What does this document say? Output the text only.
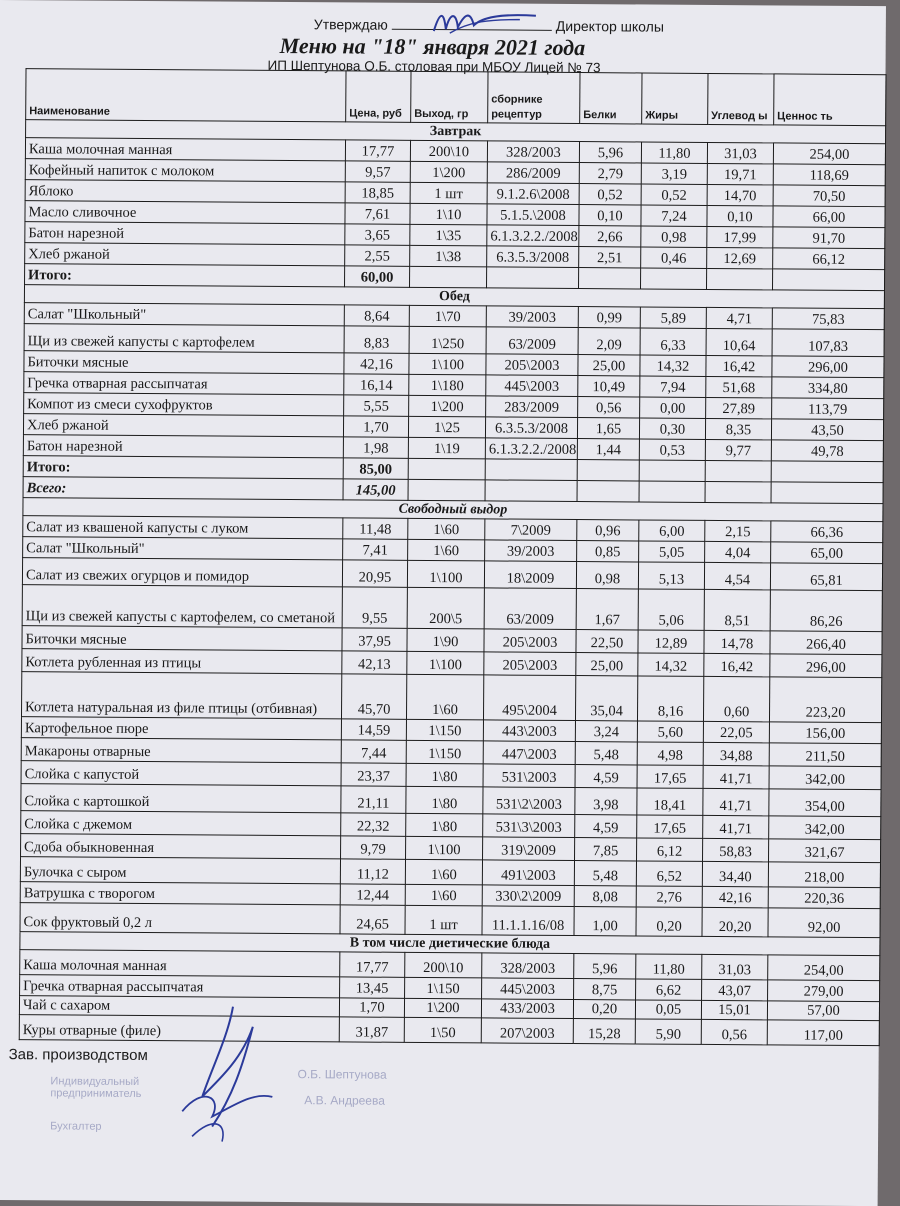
Утверждаю	Директор школы
Меню на "18" января 2021 года
ИП Шептунова О.Б. столовая при МБОУ Лицей № 73
Наименование	Цена, руб	Выход, гр	сборнике рецептур	Белки	Жиры	Углевод ы	Ценнос ть
Завтрак							
Каша молочная манная	17,77	200\10	328/2003	5,96	11,80	31,03	254,00
Кофейный напиток с молоком	9,57	1\200	286/2009	2,79	3,19	19,71	118,69
Яблоко	18,85	1 шт	9.1.2.6\2008	0,52	0,52	14,70	70,50
Масло сливочное	7,61	1\10	5.1.5.\2008	0,10	7,24	0,10	66,00
Батон нарезной	3,65	1\35	6.1.3.2.2./2008	2,66	0,98	17,99	91,70
Хлеб ржаной	2,55	1\38	6.3.5.3/2008	2,51	0,46	12,69	66,12
Итого:	60,00						
Обед							
Салат "Школьный"	8,64	1\70	39/2003	0,99	5,89	4,71	75,83
Щи из свежей капусты с картофелем	8,83	1\250	63/2009	2,09	6,33	10,64	107,83
Биточки мясные	42,16	1\100	205\2003	25,00	14,32	16,42	296,00
Гречка отварная рассыпчатая	16,14	1\180	445\2003	10,49	7,94	51,68	334,80
Компот из смеси сухофруктов	5,55	1\200	283/2009	0,56	0,00	27,89	113,79
Хлеб ржаной	1,70	1\25	6.3.5.3/2008	1,65	0,30	8,35	43,50
Батон нарезной	1,98	1\19	6.1.3.2.2./2008	1,44	0,53	9,77	49,78
Итого:	85,00						
Всего:	145,00						
Свободный выдор							
Салат из квашеной капусты с луком	11,48	1\60	7\2009	0,96	6,00	2,15	66,36
Салат "Школьный"	7,41	1\60	39/2003	0,85	5,05	4,04	65,00
Салат из свежих огурцов и помидор	20,95	1\100	18\2009	0,98	5,13	4,54	65,81
Щи из свежей капусты с картофелем, со сметаной	9,55	200\5	63/2009	1,67	5,06	8,51	86,26
Биточки мясные	37,95	1\90	205\2003	22,50	12,89	14,78	266,40
Котлета рубленная из птицы	42,13	1\100	205\2003	25,00	14,32	16,42	296,00
Котлета натуральная из филе птицы (отбивная)	45,70	1\60	495\2004	35,04	8,16	0,60	223,20
Картофельное пюре	14,59	1\150	443\2003	3,24	5,60	22,05	156,00
Макароны отварные	7,44	1\150	447\2003	5,48	4,98	34,88	211,50
Слойка с капустой	23,37	1\80	531\2003	4,59	17,65	41,71	342,00
Слойка с картошкой	21,11	1\80	531\2\2003	3,98	18,41	41,71	354,00
Слойка с джемом	22,32	1\80	531\3\2003	4,59	17,65	41,71	342,00
Сдоба обыкновенная	9,79	1\100	319\2009	7,85	6,12	58,83	321,67
Булочка с сыром	11,12	1\60	491\2003	5,48	6,52	34,40	218,00
Ватрушка с творогом	12,44	1\60	330\2\2009	8,08	2,76	42,16	220,36
Сок фруктовый 0,2 л	24,65	1 шт	11.1.1.16/08	1,00	0,20	20,20	92,00
В том числе диетические блюда							
Каша молочная манная	17,77	200\10	328/2003	5,96	11,80	31,03	254,00
Гречка отварная рассыпчатая	13,45	1\150	445\2003	8,75	6,62	43,07	279,00
Чай с сахаром	1,70	1\200	433/2003	0,20	0,05	15,01	57,00
Куры отварные (филе)	31,87	1\50	207\2003	15,28	5,90	0,56	117,00
Зав. производством
Индивидуальный предприниматель
Бухгалтер
О.Б. Шептунова
А.В. Андреева
